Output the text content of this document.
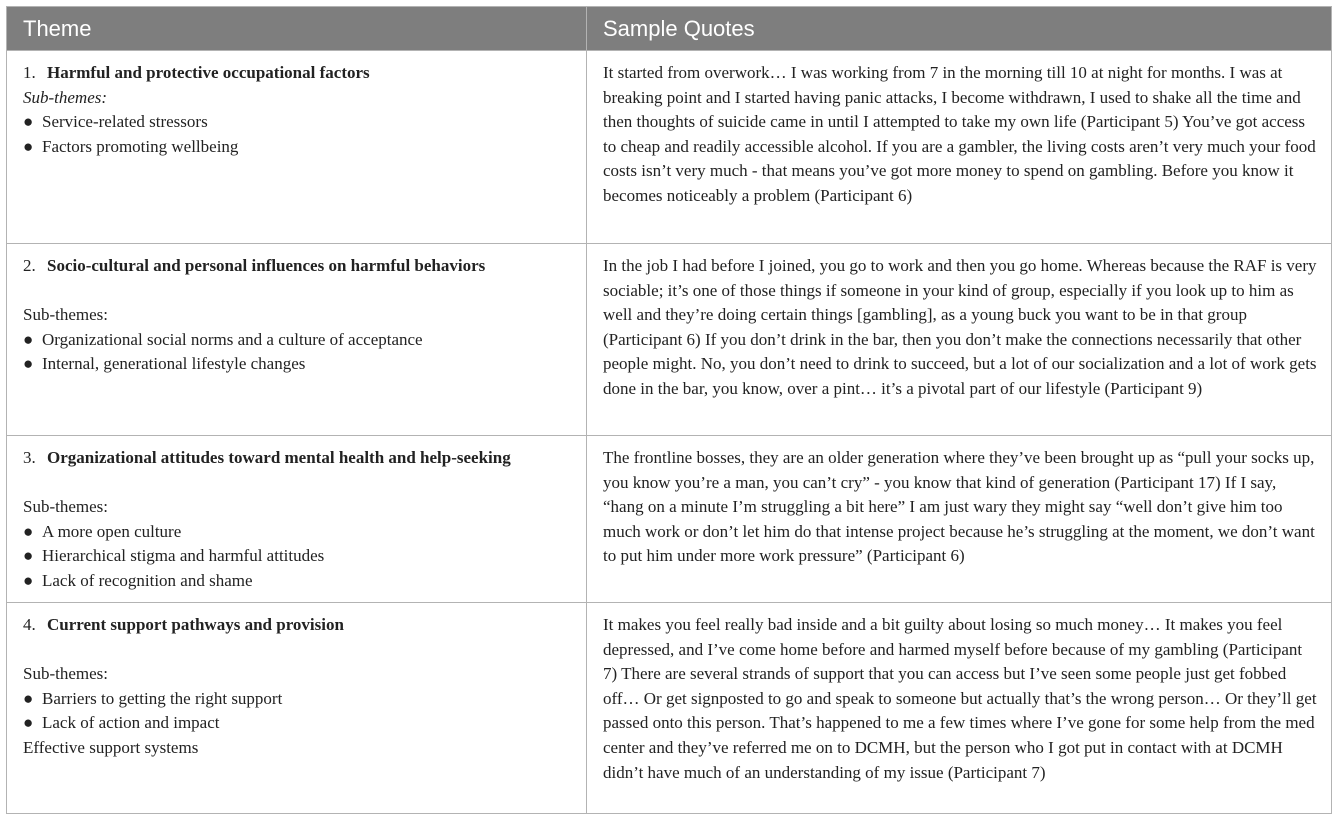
Theme	Sample Quotes
1. Harmful and protective occupational factors
Sub-themes:
● Service-related stressors
● Factors promoting wellbeing
It started from overwork… I was working from 7 in the morning till 10 at night for months. I was at breaking point and I started having panic attacks, I become withdrawn, I used to shake all the time and then thoughts of suicide came in until I attempted to take my own life (Participant 5) You’ve got access to cheap and readily accessible alcohol. If you are a gambler, the living costs aren’t very much your food costs isn’t very much - that means you’ve got more money to spend on gambling. Before you know it becomes noticeably a problem (Participant 6)
2. Socio-cultural and personal influences on harmful behaviors
Sub-themes:
● Organizational social norms and a culture of acceptance
● Internal, generational lifestyle changes
In the job I had before I joined, you go to work and then you go home. Whereas because the RAF is very sociable; it’s one of those things if someone in your kind of group, especially if you look up to him as well and they’re doing certain things [gambling], as a young buck you want to be in that group (Participant 6) If you don’t drink in the bar, then you don’t make the connections necessarily that other people might. No, you don’t need to drink to succeed, but a lot of our socialization and a lot of work gets done in the bar, you know, over a pint… it’s a pivotal part of our lifestyle (Participant 9)
3. Organizational attitudes toward mental health and help-seeking
Sub-themes:
● A more open culture
● Hierarchical stigma and harmful attitudes
● Lack of recognition and shame
The frontline bosses, they are an older generation where they’ve been brought up as “pull your socks up, you know you’re a man, you can’t cry” - you know that kind of generation (Participant 17) If I say, “hang on a minute I’m struggling a bit here” I am just wary they might say “well don’t give him too much work or don’t let him do that intense project because he’s struggling at the moment, we don’t want to put him under more work pressure” (Participant 6)
4. Current support pathways and provision
Sub-themes:
● Barriers to getting the right support
● Lack of action and impact
Effective support systems
It makes you feel really bad inside and a bit guilty about losing so much money… It makes you feel depressed, and I’ve come home before and harmed myself before because of my gambling (Participant 7) There are several strands of support that you can access but I’ve seen some people just get fobbed off… Or get signposted to go and speak to someone but actually that’s the wrong person… Or they’ll get passed onto this person. That’s happened to me a few times where I’ve gone for some help from the med center and they’ve referred me on to DCMH, but the person who I got put in contact with at DCMH didn’t have much of an understanding of my issue (Participant 7)
